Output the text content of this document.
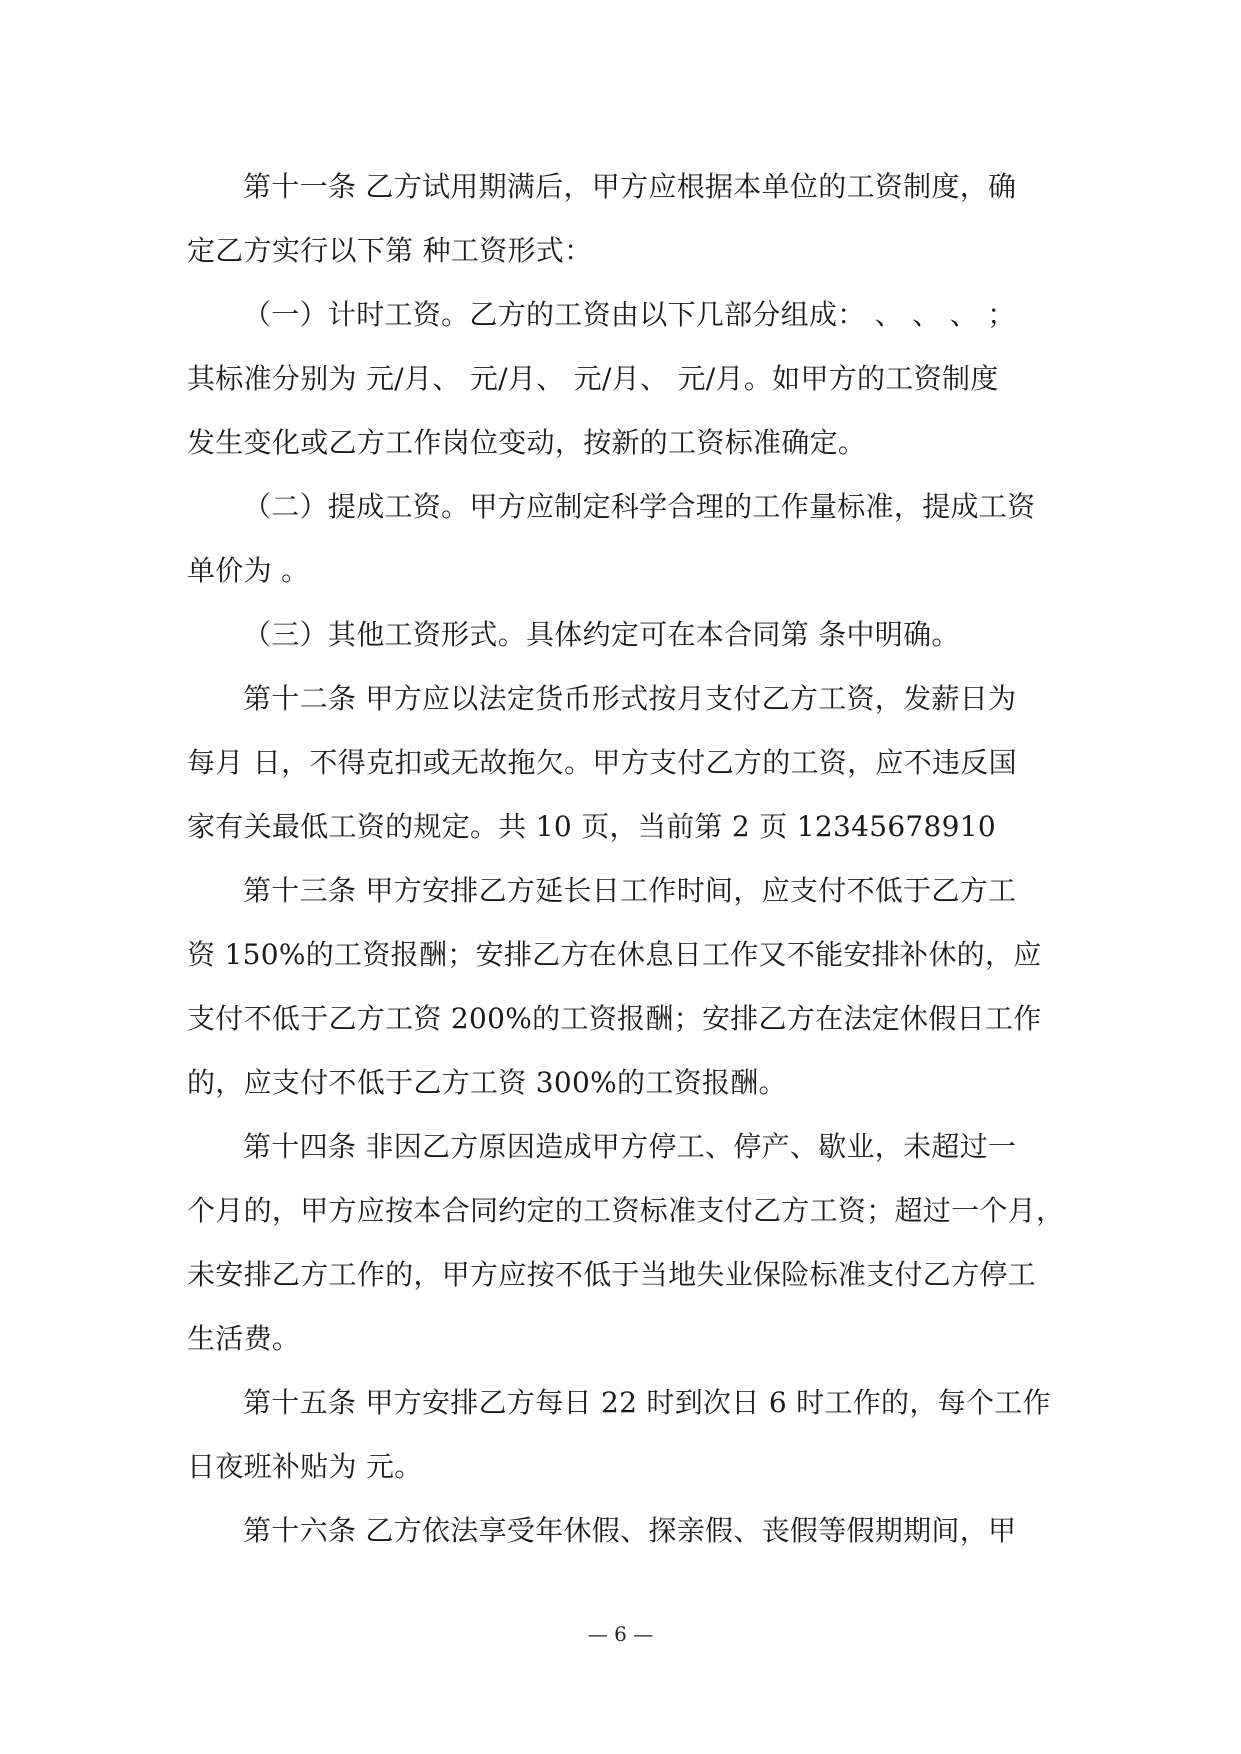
第十一条 乙方试用期满后，甲方应根据本单位的工资制度，确
定乙方实行以下第 种工资形式：
（一）计时工资。乙方的工资由以下几部分组成： 、 、 、 ；
其标准分别为 元/月、 元/月、 元/月、 元/月。如甲方的工资制度
发生变化或乙方工作岗位变动，按新的工资标准确定。
（二）提成工资。甲方应制定科学合理的工作量标准，提成工资
单价为 。
（三）其他工资形式。具体约定可在本合同第 条中明确。
第十二条 甲方应以法定货币形式按月支付乙方工资，发薪日为
每月 日，不得克扣或无故拖欠。甲方支付乙方的工资，应不违反国
家有关最低工资的规定。共 10 页，当前第 2 页 12345678910
第十三条 甲方安排乙方延长日工作时间，应支付不低于乙方工
资 150%的工资报酬；安排乙方在休息日工作又不能安排补休的，应
支付不低于乙方工资 200%的工资报酬；安排乙方在法定休假日工作
的，应支付不低于乙方工资 300%的工资报酬。
第十四条 非因乙方原因造成甲方停工、停产、歇业，未超过一
个月的，甲方应按本合同约定的工资标准支付乙方工资；超过一个月，
未安排乙方工作的，甲方应按不低于当地失业保险标准支付乙方停工
生活费。
第十五条 甲方安排乙方每日 22 时到次日 6 时工作的，每个工作
日夜班补贴为 元。
第十六条 乙方依法享受年休假、探亲假、丧假等假期期间，甲
— 6 —
